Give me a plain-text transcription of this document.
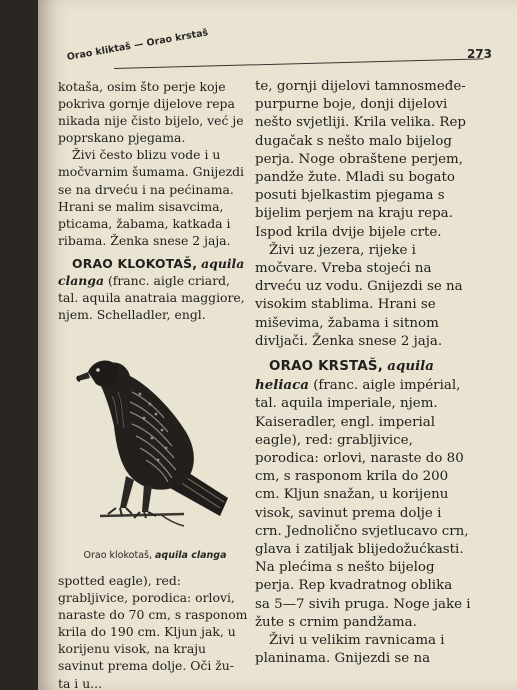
Orao kliktaš — Orao krstaš	273

kotaša, osim što perje koje pokriva gornje dijelove repa nikada nije čisto bijelo, već je poprskano pjegama.

Živi često blizu vode i u močvarnim šumama. Gnijezdi se na drveću i na pećinama. Hrani se malim sisavcima, pticama, žabama, katkada i ribama. Ženka snese 2 jaja.

ORAO KLOKOTAŠ, aquila clanga (franc. aigle criard, tal. aquila anatraia maggiore, njem. Schelladler, engl.

Orao klokotaš, aquila clanga

spotted eagle), red: grabljivice, porodica: orlovi, naraste do 70 cm, s rasponom krila do 190 cm. Kljun jak, u korijenu visok, na kraju savinut prema dolje. Oči žu-

ta i u...

te, gornji dijelovi tamnosmeđe-purpurne boje, donji dijelovi nešto svjetliji. Krila velika. Rep dugačak s nešto malo bijelog perja. Noge obraštene perjem, pandže žute. Mladi su bogato posuti bjelkastim pjegama s bijelim perjem na kraju repa. Ispod krila dvije bijele crte.

Živi uz jezera, rijeke i močvare. Vreba stojeći na drveću uz vodu. Gnijezdi se na visokim stablima. Hrani se miševima, žabama i sitnom divljači. Ženka snese 2 jaja.

ORAO KRSTAŠ, aquila heliaca (franc. aigle impérial, tal. aquila imperiale, njem. Kaiseradler, engl. imperial eagle), red: grabljivice, porodica: orlovi, naraste do 80 cm, s rasponom krila do 200 cm. Kljun snažan, u korijenu visok, savinut prema dolje i crn. Jednolično svjetlucavo crn, glava i zatiljak blijedožućkasti. Na plećima s nešto bijelog perja. Rep kvadratnog oblika sa 5—7 sivih pruga. Noge jake i žute s crnim pandžama.

Živi u velikim ravnicama i planinama. Gnijezdi se na
